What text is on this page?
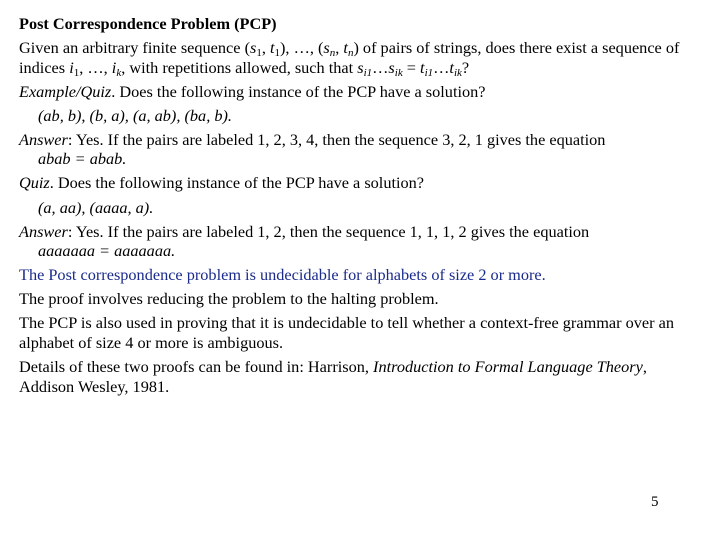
Post Correspondence Problem (PCP)

Given an arbitrary finite sequence ($s_1$, $t_1$), …, ($s_n$, $t_n$) of pairs of strings, does there exist a sequence of indices $i_1$, …, $i_k$, with repetitions allowed, such that $s_{i1}\dots s_{ik}$ = $t_{i1}\dots t_{ik}$?

Example/Quiz. Does the following instance of the PCP have a solution?

(ab, b), (b, a), (a, ab), (ba, b).

Answer: Yes. If the pairs are labeled 1, 2, 3, 4, then the sequence 3, 2, 1 gives the equation
abab = abab.

Quiz. Does the following instance of the PCP have a solution?

(a, aa), (aaaa, a).

Answer: Yes. If the pairs are labeled 1, 2, then the sequence 1, 1, 1, 2 gives the equation
aaaaaaa = aaaaaaa.

The Post correspondence problem is undecidable for alphabets of size 2 or more.

The proof involves reducing the problem to the halting problem.

The PCP is also used in proving that it is undecidable to tell whether a context-free grammar over an alphabet of size 4 or more is ambiguous.

Details of these two proofs can be found in: Harrison, Introduction to Formal Language Theory, Addison Wesley, 1981.

5
